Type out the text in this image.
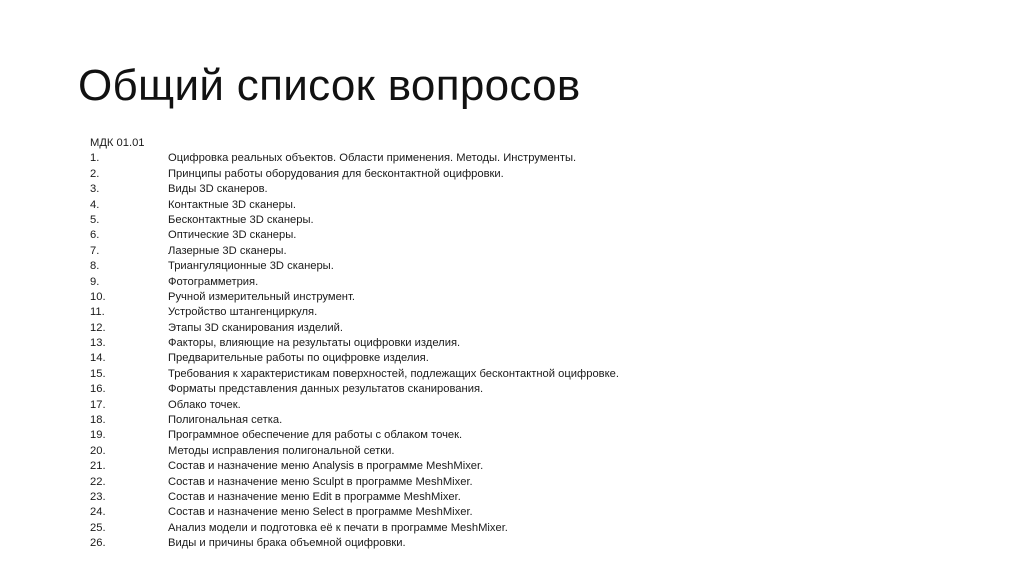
Общий список вопросов
МДК 01.01
1.	Оцифровка реальных объектов. Области применения. Методы. Инструменты.
2.	Принципы работы оборудования для бесконтактной оцифровки.
3.	Виды 3D сканеров.
4.	Контактные 3D сканеры.
5.	Бесконтактные 3D сканеры.
6.	Оптические 3D сканеры.
7.	Лазерные 3D сканеры.
8.	Триангуляционные 3D сканеры.
9.	Фотограмметрия.
10.	Ручной измерительный инструмент.
11.	Устройство штангенциркуля.
12.	Этапы 3D сканирования изделий.
13.	Факторы, влияющие на результаты оцифровки изделия.
14.	Предварительные работы по оцифровке изделия.
15.	Требования к характеристикам поверхностей, подлежащих бесконтактной оцифровке.
16.	Форматы представления данных результатов сканирования.
17.	Облако точек.
18.	Полигональная сетка.
19.	Программное обеспечение для работы с облаком точек.
20.	Методы исправления полигональной сетки.
21.	Состав и назначение меню Analysis в программе MeshMixer.
22.	Состав и назначение меню Sculpt в программе MeshMixer.
23.	Состав и назначение меню Edit в программе MeshMixer.
24.	Состав и назначение меню Select в программе MeshMixer.
25.	Анализ модели и подготовка её к печати в программе MeshMixer.
26.	Виды и причины брака объемной оцифровки.
